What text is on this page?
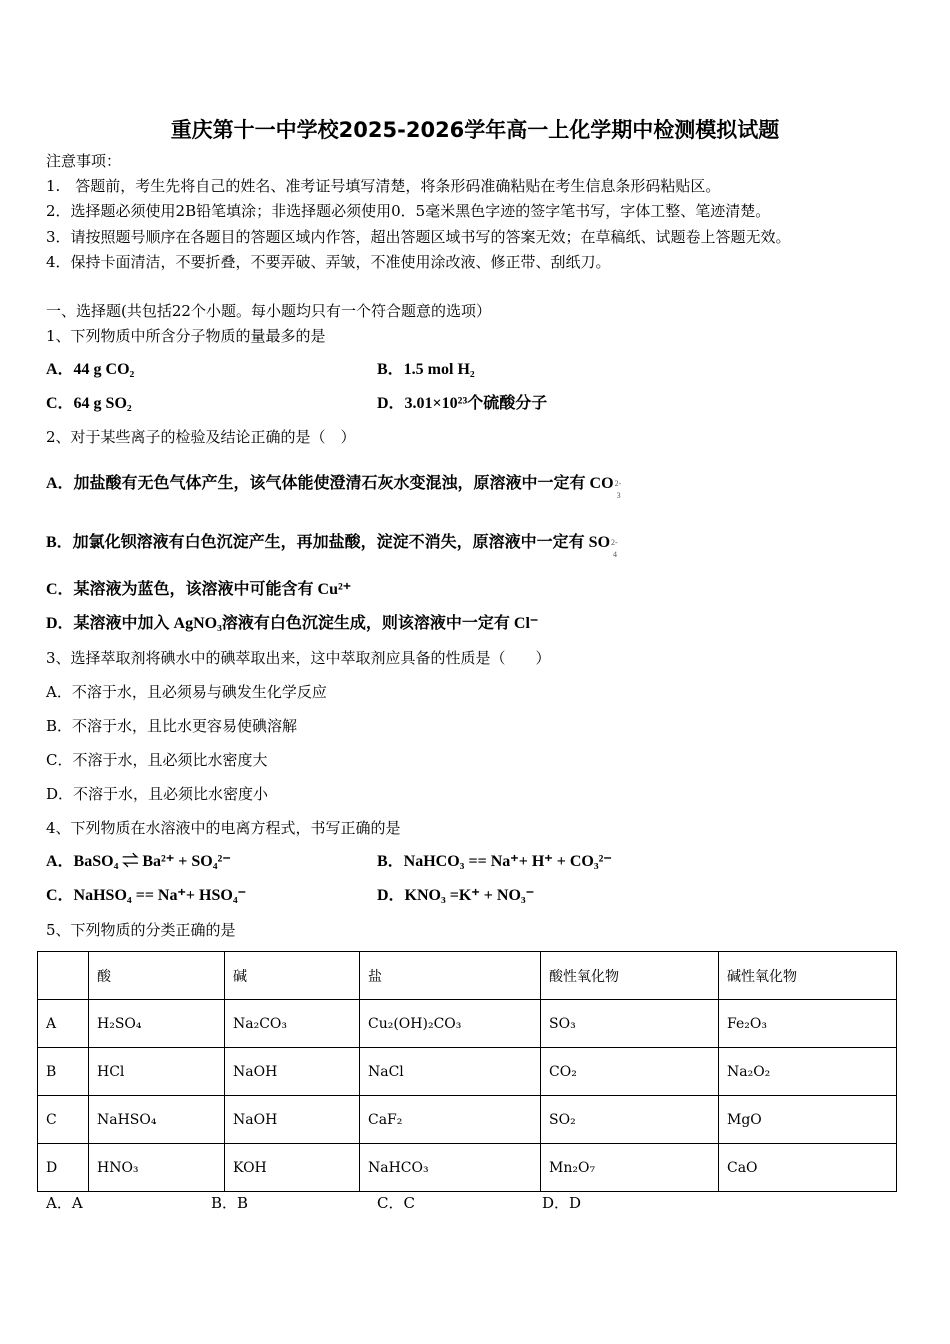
重庆第十一中学校2025-2026学年高一上化学期中检测模拟试题
注意事项：
1.　答题前，考生先将自己的姓名、准考证号填写清楚，将条形码准确粘贴在考生信息条形码粘贴区。
2．选择题必须使用2B铅笔填涂；非选择题必须使用0．5毫米黑色字迹的签字笔书写，字体工整、笔迹清楚。
3．请按照题号顺序在各题目的答题区域内作答，超出答题区域书写的答案无效；在草稿纸、试题卷上答题无效。
4．保持卡面清洁，不要折叠，不要弄破、弄皱，不准使用涂改液、修正带、刮纸刀。
一、选择题(共包括22个小题。每小题均只有一个符合题意的选项）
1、下列物质中所含分子物质的量最多的是
A．44 g CO₂	B．1.5 mol H₂
C．64 g SO₂	D．3.01×10²³个硫酸分子
2、对于某些离子的检验及结论正确的是（　）
A．加盐酸有无色气体产生，该气体能使澄清石灰水变混浊，原溶液中一定有 CO 2-
3
B．加氯化钡溶液有白色沉淀产生，再加盐酸，淀淀不消失，原溶液中一定有 SO 2-
4
C．某溶液为蓝色，该溶液中可能含有 Cu²⁺
D．某溶液中加入 AgNO₃溶液有白色沉淀生成，则该溶液中一定有 Cl⁻
3、选择萃取剂将碘水中的碘萃取出来，这中萃取剂应具备的性质是（　　）
A．不溶于水，且必须易与碘发生化学反应
B．不溶于水，且比水更容易使碘溶解
C．不溶于水，且必须比水密度大
D．不溶于水，且必须比水密度小
4、下列物质在水溶液中的电离方程式，书写正确的是
A．BaSO₄ ⇌ Ba²⁺ + SO₄²⁻	B．NaHCO₃ == Na⁺+ H⁺ + CO₃²⁻
C．NaHSO₄ == Na⁺+ HSO₄⁻	D．KNO₃ =K⁺ + NO₃⁻
5、下列物质的分类正确的是
	酸	碱	盐	酸性氧化物	碱性氧化物
A	H₂SO₄	Na₂CO₃	Cu₂(OH)₂CO₃	SO₃	Fe₂O₃
B	HCl	NaOH	NaCl	CO₂	Na₂O₂
C	NaHSO₄	NaOH	CaF₂	SO₂	MgO
D	HNO₃	KOH	NaHCO₃	Mn₂O₇	CaO
A．A	B．B	C．C	D．D
